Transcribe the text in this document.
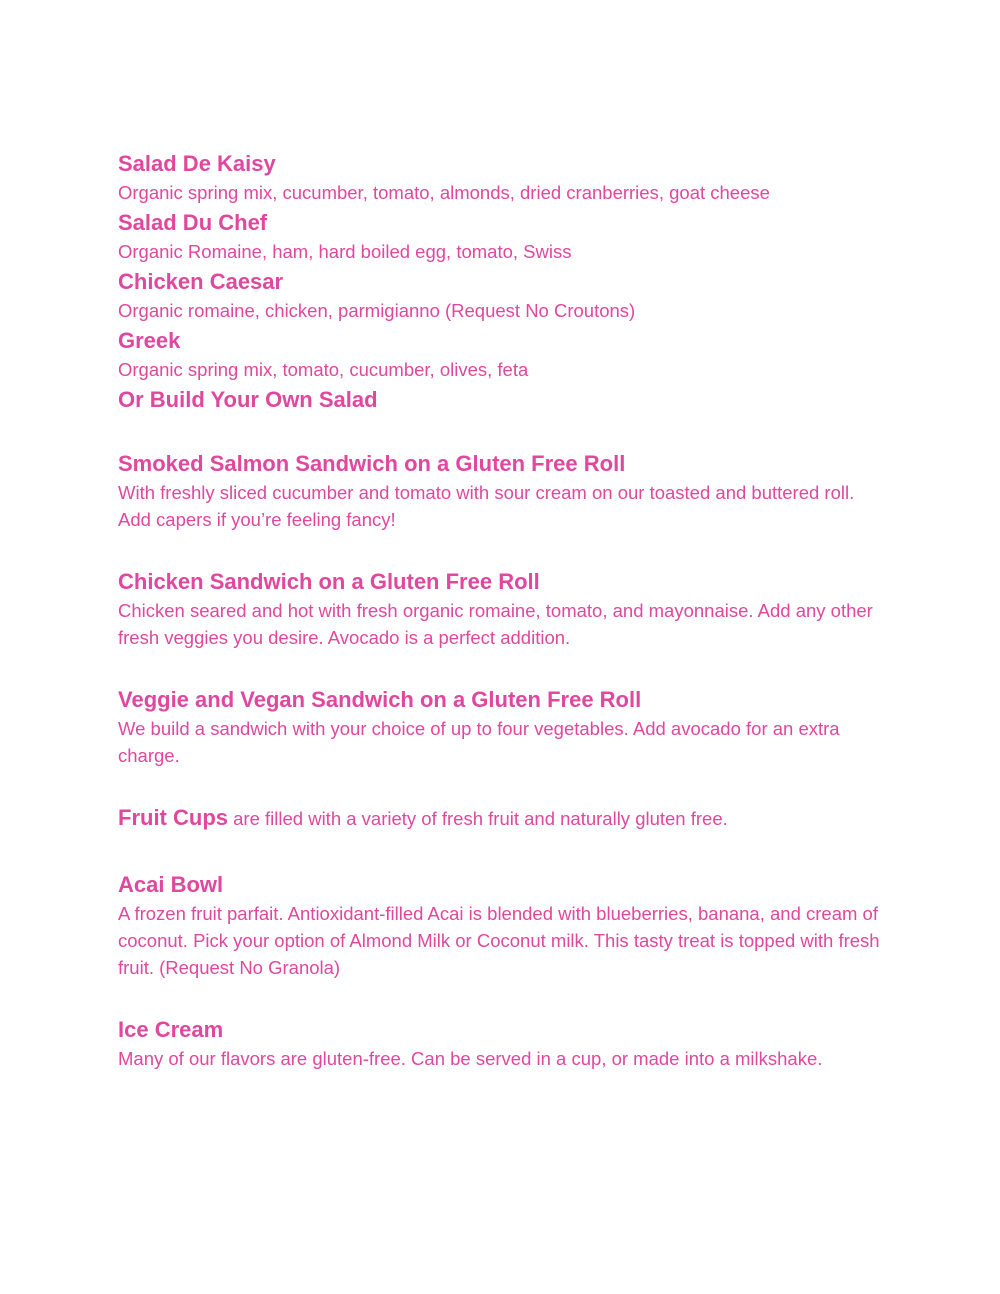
Salad De Kaisy

Organic spring mix, cucumber, tomato, almonds, dried cranberries, goat cheese

Salad Du Chef

Organic Romaine, ham, hard boiled egg, tomato, Swiss

Chicken Caesar

Organic romaine, chicken, parmigianno (Request No Croutons)

Greek

Organic spring mix, tomato, cucumber, olives, feta

Or Build Your Own Salad

Smoked Salmon Sandwich on a Gluten Free Roll

With freshly sliced cucumber and tomato with sour cream on our toasted and buttered roll. Add capers if you’re feeling fancy!

Chicken Sandwich on a Gluten Free Roll

Chicken seared and hot with fresh organic romaine, tomato, and mayonnaise. Add any other fresh veggies you desire. Avocado is a perfect addition.

Veggie and Vegan Sandwich on a Gluten Free Roll

We build a sandwich with your choice of up to four vegetables. Add avocado for an extra charge.

Fruit Cups are filled with a variety of fresh fruit and naturally gluten free.

Acai Bowl

A frozen fruit parfait. Antioxidant-filled Acai is blended with blueberries, banana, and cream of coconut. Pick your option of Almond Milk or Coconut milk. This tasty treat is topped with fresh fruit. (Request No Granola)

Ice Cream

Many of our flavors are gluten-free. Can be served in a cup, or made into a milkshake.
